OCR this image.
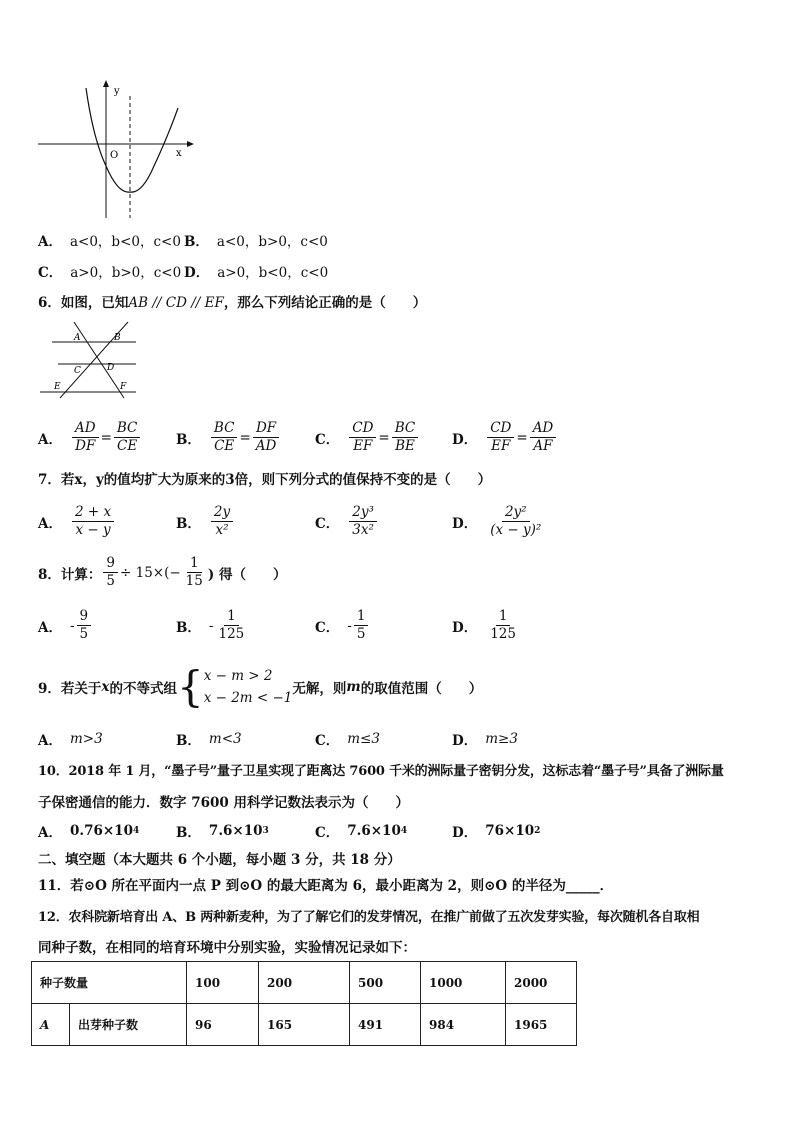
y
x
O
A． a<0，b<0，c<0 B． a<0，b>0，c<0
C． a>0，b>0，c<0 D． a>0，b<0，c<0
6．如图，已知AB // CD // EF，那么下列结论正确的是（　　）
A	B
C	D
E	F
A． $\frac{AD}{DF} = \frac{BC}{CE}$	B． $\frac{BC}{CE} = \frac{DF}{AD}$	C． $\frac{CD}{EF} = \frac{BC}{BE}$	D． $\frac{CD}{EF} = \frac{AD}{AF}$
7．若x，y的值均扩大为原来的3倍，则下列分式的值保持不变的是（　　）
A． $\frac{2 + x}{x - y}$	B． $\frac{2y}{\text{x²}}$	C． $\frac{\text{2y³}}{\text{3x²}}$	D． $\frac{\text{2y²}}{\text{(x − y)²}}$
8．计算： $\frac{9}{5} \div 15\times(- \frac{1}{15}$ ) 得（　　）
A． - $\frac{9}{5}$	B． - $\frac{1}{125}$	C． - $\frac{1}{5}$	D． $\frac{1}{125}$
9．若关于 x 的不等式组 { x − m > 2
x − 2m < −1
无解，则 m 的取值范围（　　）
A． m>3	B． m<3	C． m≤3	D． m≥3
10．2018 年 1 月，“墨子号”量子卫星实现了距离达 7600 千米的洲际量子密钥分发，这标志着“墨子号”具备了洲际量
子保密通信的能力．数字 7600 用科学记数法表示为（　　）
A． 0.76×10 4	B． 7.6×10 3	C． 7.6×10 4	D． 76×10 2
二、填空题（本大题共 6 个小题，每小题 3 分，共 18 分）
11．若⊙O 所在平面内一点 P 到⊙O 的最大距离为 6，最小距离为 2，则⊙O 的半径为_____．
12．农科院新培育出 A、B 两种新麦种，为了了解它们的发芽情况，在推广前做了五次发芽实验，每次随机各自取相
同种子数，在相同的培育环境中分别实验，实验情况记录如下：
种子数量		100	200	500	1000	2000
A	出芽种子数	96	165	491	984	1965
